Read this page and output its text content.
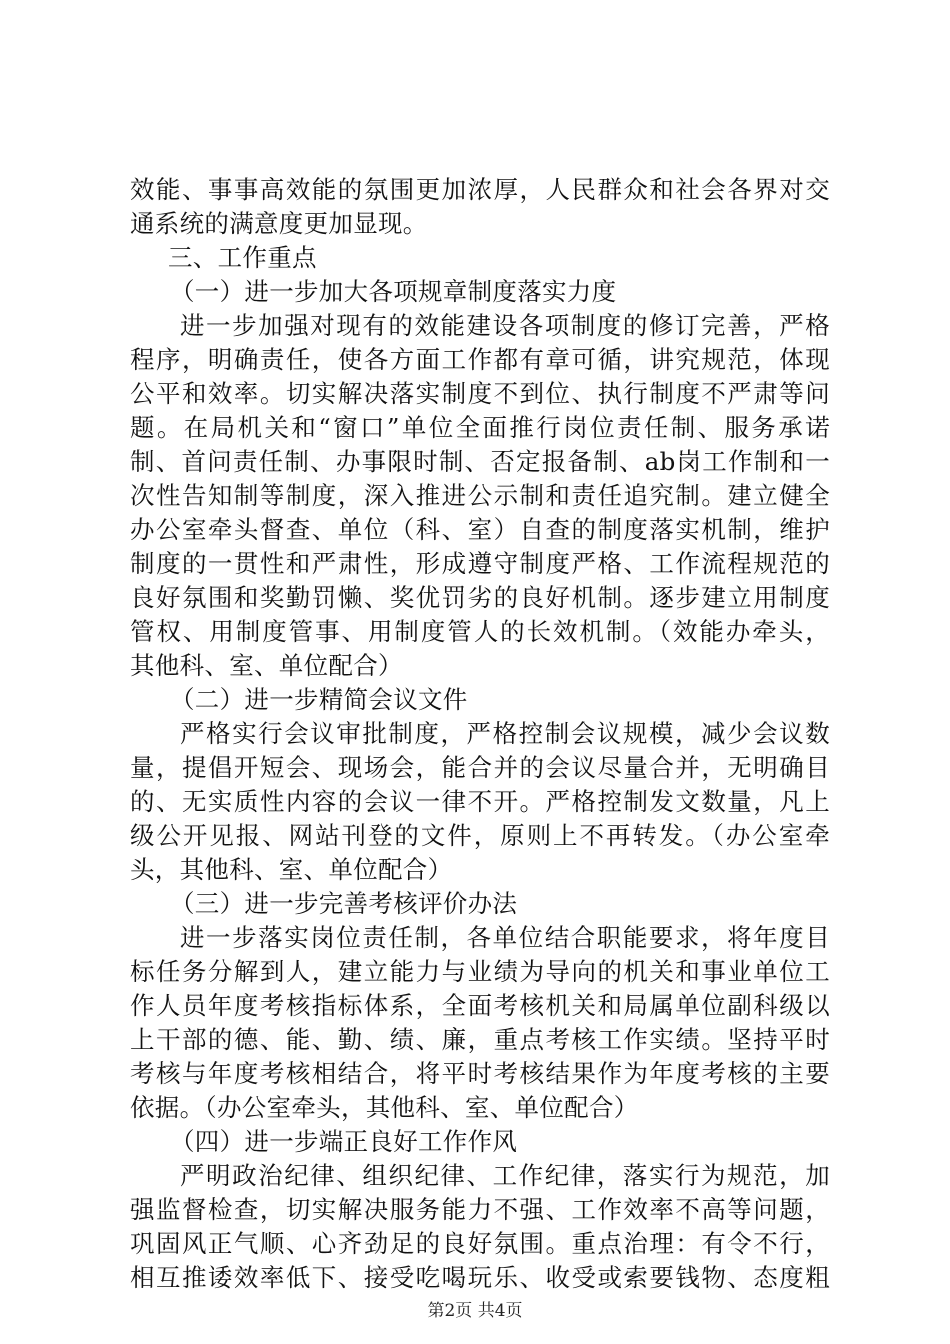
效能、事事高效能的氛围更加浓厚，人民群众和社会各界对交
通系统的满意度更加显现。
三、工作重点
（一）进一步加大各项规章制度落实力度
进一步加强对现有的效能建设各项制度的修订完善，严格
程序，明确责任，使各方面工作都有章可循，讲究规范，体现
公平和效率。切实解决落实制度不到位、执行制度不严肃等问
题。在局机关和“窗口”单位全面推行岗位责任制、服务承诺
制、首问责任制、办事限时制、否定报备制、ab岗工作制和一
次性告知制等制度，深入推进公示制和责任追究制。建立健全
办公室牵头督查、单位（科、室）自查的制度落实机制，维护
制度的一贯性和严肃性，形成遵守制度严格、工作流程规范的
良好氛围和奖勤罚懒、奖优罚劣的良好机制。逐步建立用制度
管权、用制度管事、用制度管人的长效机制。（效能办牵头，
其他科、室、单位配合）
（二）进一步精简会议文件
严格实行会议审批制度，严格控制会议规模，减少会议数
量，提倡开短会、现场会，能合并的会议尽量合并，无明确目
的、无实质性内容的会议一律不开。严格控制发文数量，凡上
级公开见报、网站刊登的文件，原则上不再转发。（办公室牵
头，其他科、室、单位配合）
（三）进一步完善考核评价办法
进一步落实岗位责任制，各单位结合职能要求，将年度目
标任务分解到人，建立能力与业绩为导向的机关和事业单位工
作人员年度考核指标体系，全面考核机关和局属单位副科级以
上干部的德、能、勤、绩、廉，重点考核工作实绩。坚持平时
考核与年度考核相结合，将平时考核结果作为年度考核的主要
依据。（办公室牵头，其他科、室、单位配合）
（四）进一步端正良好工作作风
严明政治纪律、组织纪律、工作纪律，落实行为规范，加
强监督检查，切实解决服务能力不强、工作效率不高等问题，
巩固风正气顺、心齐劲足的良好氛围。重点治理：有令不行，
相互推诿效率低下、接受吃喝玩乐、收受或索要钱物、态度粗
第2页 共4页
